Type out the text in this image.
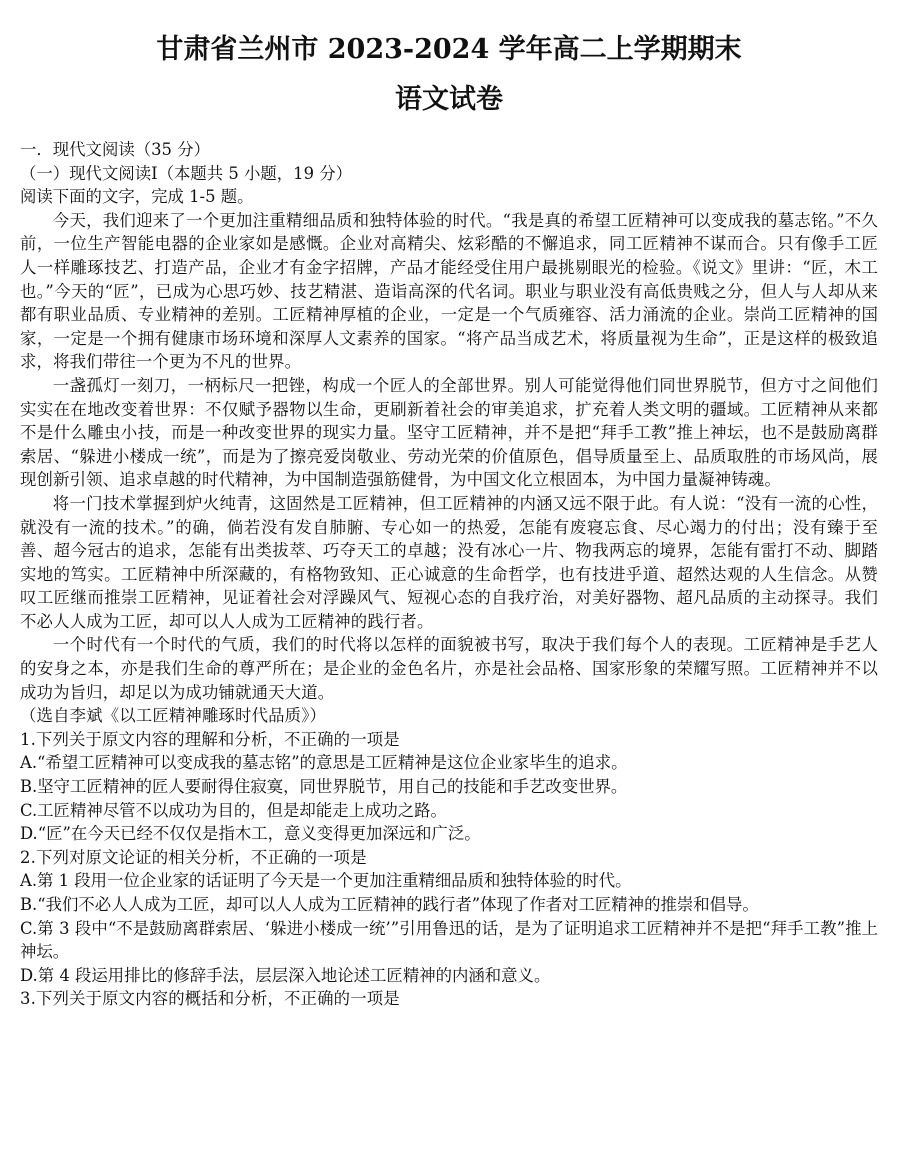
甘肃省兰州市 2023-2024 学年高二上学期期末
语文试卷

一．现代文阅读（35 分）

（一）现代文阅读Ⅰ（本题共 5 小题，19 分）

阅读下面的文字，完成 1-5 题。

今天，我们迎来了一个更加注重精细品质和独特体验的时代。“我是真的希望工匠精神可以变成我的墓志铭。”不久前，一位生产智能电器的企业家如是感慨。企业对高精尖、炫彩酷的不懈追求，同工匠精神不谋而合。只有像手工匠人一样雕琢技艺、打造产品，企业才有金字招牌，产品才能经受住用户最挑剔眼光的检验。《说文》里讲：“匠，木工也。”今天的“匠”，已成为心思巧妙、技艺精湛、造诣高深的代名词。职业与职业没有高低贵贱之分，但人与人却从来都有职业品质、专业精神的差别。工匠精神厚植的企业，一定是一个气质雍容、活力涌流的企业。崇尚工匠精神的国家，一定是一个拥有健康市场环境和深厚人文素养的国家。“将产品当成艺术，将质量视为生命”，正是这样的极致追求，将我们带往一个更为不凡的世界。

一盏孤灯一刻刀，一柄标尺一把锉，构成一个匠人的全部世界。别人可能觉得他们同世界脱节，但方寸之间他们实实在在地改变着世界：不仅赋予器物以生命，更刷新着社会的审美追求，扩充着人类文明的疆域。工匠精神从来都不是什么雕虫小技，而是一种改变世界的现实力量。坚守工匠精神，并不是把“拜手工教”推上神坛，也不是鼓励离群索居、“躲进小楼成一统”，而是为了擦亮爱岗敬业、劳动光荣的价值原色，倡导质量至上、品质取胜的市场风尚，展现创新引领、追求卓越的时代精神，为中国制造强筋健骨，为中国文化立根固本，为中国力量凝神铸魂。

将一门技术掌握到炉火纯青，这固然是工匠精神，但工匠精神的内涵又远不限于此。有人说：“没有一流的心性，就没有一流的技术。”的确，倘若没有发自肺腑、专心如一的热爱，怎能有废寝忘食、尽心竭力的付出；没有臻于至善、超今冠古的追求，怎能有出类拔萃、巧夺天工的卓越；没有冰心一片、物我两忘的境界，怎能有雷打不动、脚踏实地的笃实。工匠精神中所深藏的，有格物致知、正心诚意的生命哲学，也有技进乎道、超然达观的人生信念。从赞叹工匠继而推崇工匠精神，见证着社会对浮躁风气、短视心态的自我疗治，对美好器物、超凡品质的主动探寻。我们不必人人成为工匠，却可以人人成为工匠精神的践行者。

一个时代有一个时代的气质，我们的时代将以怎样的面貌被书写，取决于我们每个人的表现。工匠精神是手艺人的安身之本，亦是我们生命的尊严所在；是企业的金色名片，亦是社会品格、国家形象的荣耀写照。工匠精神并不以成功为旨归，却足以为成功铺就通天大道。

（选自李斌《以工匠精神雕琢时代品质》）

1.下列关于原文内容的理解和分析，不正确的一项是

A.“希望工匠精神可以变成我的墓志铭”的意思是工匠精神是这位企业家毕生的追求。

B.坚守工匠精神的匠人要耐得住寂寞，同世界脱节，用自己的技能和手艺改变世界。

C.工匠精神尽管不以成功为目的，但是却能走上成功之路。

D.“匠”在今天已经不仅仅是指木工，意义变得更加深远和广泛。

2.下列对原文论证的相关分析，不正确的一项是

A.第 1 段用一位企业家的话证明了今天是一个更加注重精细品质和独特体验的时代。

B.“我们不必人人成为工匠，却可以人人成为工匠精神的践行者”体现了作者对工匠精神的推崇和倡导。

C.第 3 段中“不是鼓励离群索居、‘躲进小楼成一统’”引用鲁迅的话，是为了证明追求工匠精神并不是把“拜手工教”推上神坛。

D.第 4 段运用排比的修辞手法，层层深入地论述工匠精神的内涵和意义。

3.下列关于原文内容的概括和分析，不正确的一项是
